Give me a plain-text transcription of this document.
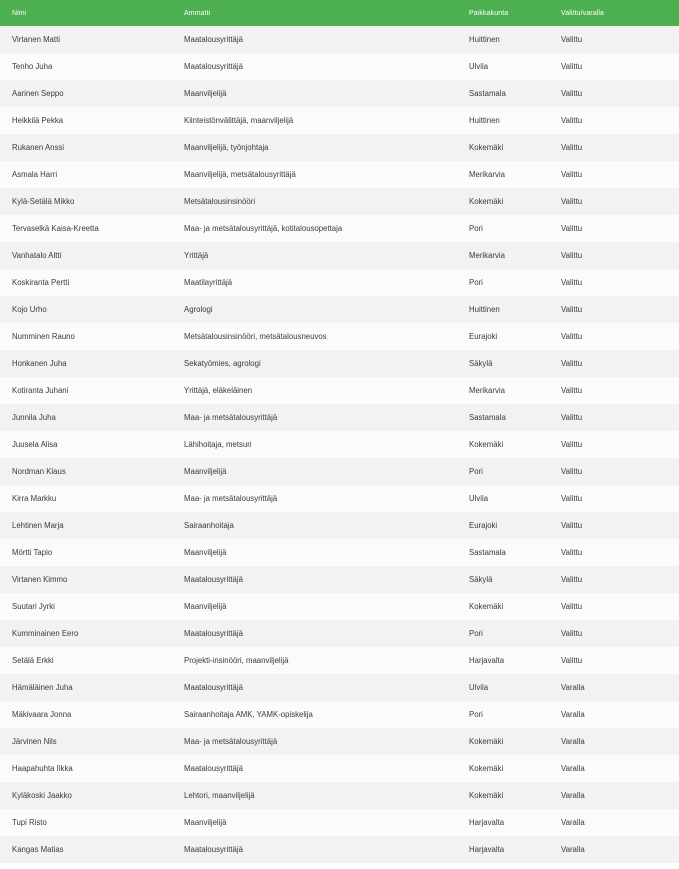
Nimi	Ammatti	Paikkakunta	Valittu/varalla
Virtanen Matti	Maatalousyrittäjä	Huittinen	Valittu
Tenho Juha	Maatalousyrittäjä	Ulvila	Valittu
Aarinen Seppo	Maanviljelijä	Sastamala	Valittu
Heikkilä Pekka	Kiinteistönvälittäjä, maanviljelijä	Huittinen	Valittu
Rukanen Anssi	Maanviljelijä, työnjohtaja	Kokemäki	Valittu
Asmala Harri	Maanviljelijä, metsätalousyrittäjä	Merikarvia	Valittu
Kylä-Setälä Mikko	Metsätalousinsinööri	Kokemäki	Valittu
Tervaselkä Kaisa-Kreetta	Maa- ja metsätalousyrittäjä, kotitalousopettaja	Pori	Valittu
Vanhatalo Altti	Yrittäjä	Merikarvia	Valittu
Koskiranta Pertti	Maatilayrittäjä	Pori	Valittu
Kojo Urho	Agrologi	Huittinen	Valittu
Numminen Rauno	Metsätalousinsinööri, metsätalousneuvos	Eurajoki	Valittu
Honkanen Juha	Sekatyömies, agrologi	Säkylä	Valittu
Kotiranta Juhani	Yrittäjä, eläkeläinen	Merikarvia	Valittu
Junnila Juha	Maa- ja metsätalousyrittäjä	Sastamala	Valittu
Juusela Alisa	Lähihoitaja, metsuri	Kokemäki	Valittu
Nordman Klaus	Maanviljelijä	Pori	Valittu
Kirra Markku	Maa- ja metsätalousyrittäjä	Ulvila	Valittu
Lehtinen Marja	Sairaanhoitaja	Eurajoki	Valittu
Mörtti Tapio	Maanviljelijä	Sastamala	Valittu
Virtanen Kimmo	Maatalousyrittäjä	Säkylä	Valittu
Suutari Jyrki	Maanviljelijä	Kokemäki	Valittu
Kumminainen Eero	Maatalousyrittäjä	Pori	Valittu
Setälä Erkki	Projekti-insinööri, maanviljelijä	Harjavalta	Valittu
Hämäläinen Juha	Maatalousyrittäjä	Ulvila	Varalla
Mäkivaara Jonna	Sairaanhoitaja AMK, YAMK-opiskelija	Pori	Varalla
Järvinen Nils	Maa- ja metsätalousyrittäjä	Kokemäki	Varalla
Haapahuhta Ilkka	Maatalousyrittäjä	Kokemäki	Varalla
Kyläkoski Jaakko	Lehtori, maanviljelijä	Kokemäki	Varalla
Tupi Risto	Maanviljelijä	Harjavalta	Varalla
Kangas Matias	Maatalousyrittäjä	Harjavalta	Varalla
